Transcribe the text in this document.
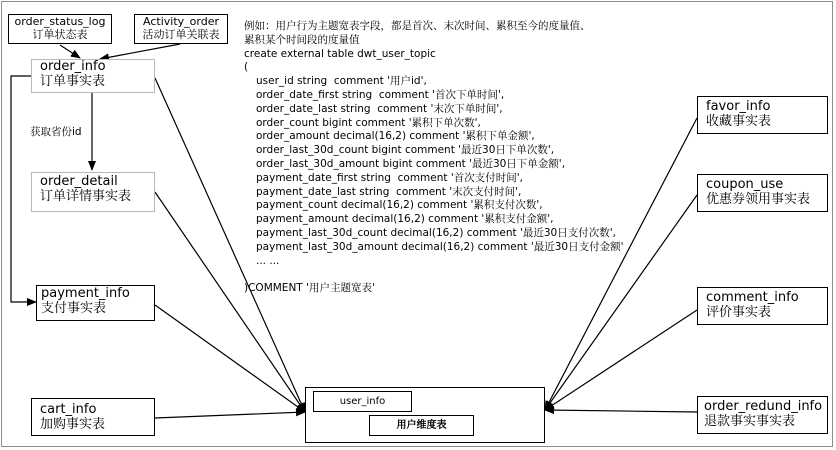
order_status_log
订单状态表
Activity_order
活动订单关联表
order_info
订单事实表
获取省份id
order_detail
订单详情事实表
payment_info
支付事实表
cart_info
加购事实表
favor_info
收藏事实表
coupon_use
优惠券领用事实表
comment_info
评价事实表
order_redund_info
退款事实事实表
user_info
用户维度表
例如：用户行为主题宽表字段，都是首次、末次时间、累积至今的度量值、
累积某个时间段的度量值
create external table dwt_user_topic
(
user_id string  comment '用户id',
order_date_first string  comment '首次下单时间',
order_date_last string  comment '末次下单时间',
order_count bigint comment '累积下单次数',
order_amount decimal(16,2) comment '累积下单金额',
order_last_30d_count bigint comment '最近30日下单次数',
order_last_30d_amount bigint comment '最近30日下单金额',
payment_date_first string  comment '首次支付时间',
payment_date_last string  comment '末次支付时间',
payment_count decimal(16,2) comment '累积支付次数',
payment_amount decimal(16,2) comment '累积支付金额',
payment_last_30d_count decimal(16,2) comment '最近30日支付次数',
payment_last_30d_amount decimal(16,2) comment '最近30日支付金额'
... ...

)COMMENT '用户主题宽表'
